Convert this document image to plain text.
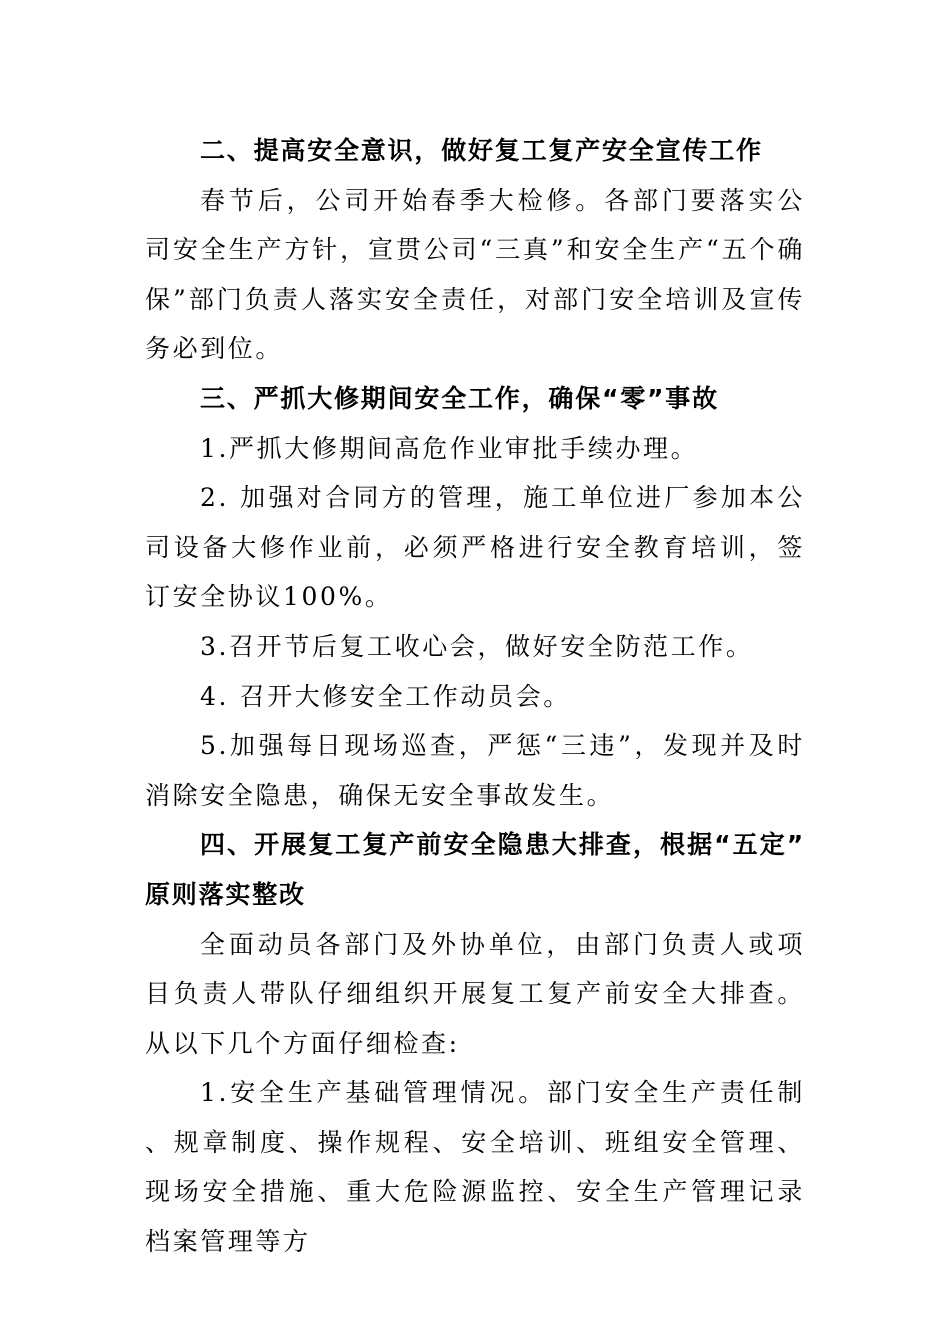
二、提高安全意识，做好复工复产安全宣传工作

春节后，公司开始春季大检修。各部门要落实公司安全生产方针，宣贯公司“三真”和安全生产“五个确保”部门负责人落实安全责任，对部门安全培训及宣传务必到位。

三、严抓大修期间安全工作，确保“零”事故

1.严抓大修期间高危作业审批手续办理。

2. 加强对合同方的管理，施工单位进厂参加本公司设备大修作业前，必须严格进行安全教育培训，签订安全协议100%。

3.召开节后复工收心会，做好安全防范工作。

4. 召开大修安全工作动员会。

5.加强每日现场巡查，严惩“三违”，发现并及时消除安全隐患，确保无安全事故发生。

四、开展复工复产前安全隐患大排查，根据“五定”原则落实整改

全面动员各部门及外协单位，由部门负责人或项目负责人带队仔细组织开展复工复产前安全大排查。从以下几个方面仔细检查:

1.安全生产基础管理情况。部门安全生产责任制、规章制度、操作规程、安全培训、班组安全管理、现场安全措施、重大危险源监控、安全生产管理记录档案管理等方
